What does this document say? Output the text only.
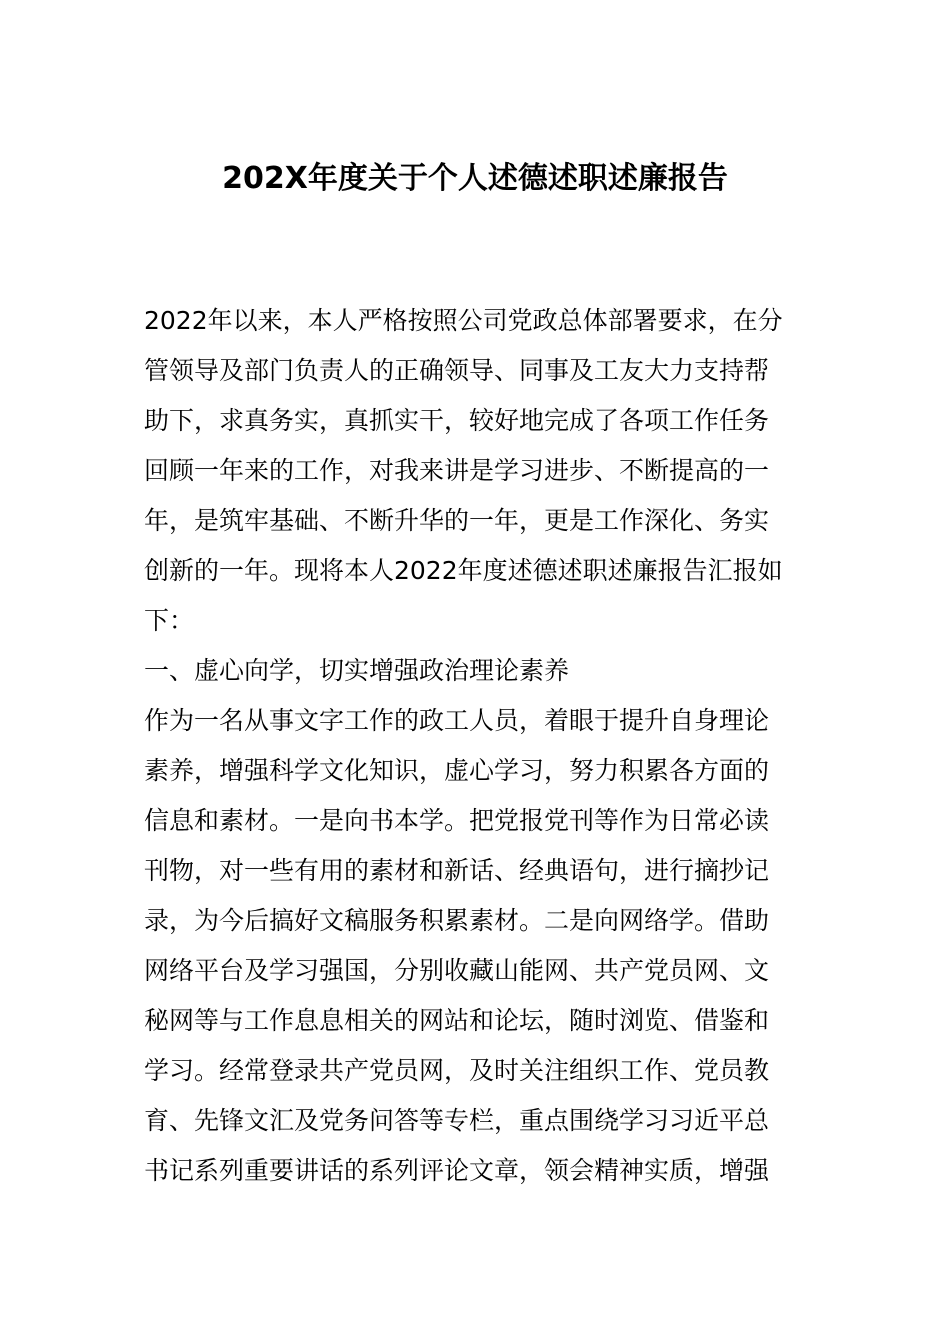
202X年度关于个人述德述职述廉报告
2022年以来，本人严格按照公司党政总体部署要求，在分
管领导及部门负责人的正确领导、同事及工友大力支持帮
助下，求真务实，真抓实干，较好地完成了各项工作任务
回顾一年来的工作，对我来讲是学习进步、不断提高的一
年，是筑牢基础、不断升华的一年，更是工作深化、务实
创新的一年。现将本人2022年度述德述职述廉报告汇报如
下：
一、虚心向学，切实增强政治理论素养
作为一名从事文字工作的政工人员，着眼于提升自身理论
素养，增强科学文化知识，虚心学习，努力积累各方面的
信息和素材。一是向书本学。把党报党刊等作为日常必读
刊物，对一些有用的素材和新话、经典语句，进行摘抄记
录，为今后搞好文稿服务积累素材。二是向网络学。借助
网络平台及学习强国，分别收藏山能网、共产党员网、文
秘网等与工作息息相关的网站和论坛，随时浏览、借鉴和
学习。经常登录共产党员网，及时关注组织工作、党员教
育、先锋文汇及党务问答等专栏，重点围绕学习习近平总
书记系列重要讲话的系列评论文章，领会精神实质，增强
